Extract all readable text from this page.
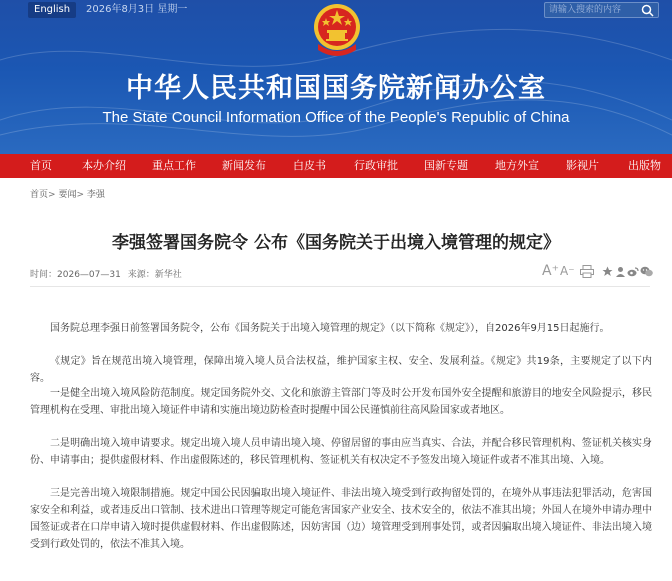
English	2026年8月3日 星期一
请输入搜索的内容
中华人民共和国国务院新闻办公室
The State Council Information Office of the People's Republic of China
首页	本办介绍 重点工作 新闻发布 白皮书	行政审批 国新专题 地方外宣 影视片	出版物
首页> 要闻> 李强
李强签署国务院令 公布《国务院关于出境入境管理的规定》
时间：2026—07—31 来源：新华社	A⁺ A⁻
国务院总理李强日前签署国务院令，公布《国务院关于出境入境管理的规定》（以下简称《规定》），自2026年9月15日起施行。
《规定》旨在规范出境入境管理，保障出境入境人员合法权益，维护国家主权、安全、发展利益。《规定》共19条，主要规定了以下内容。
一是健全出境入境风险防范制度。规定国务院外交、文化和旅游主管部门等及时公开发布国外安全提醒和旅游目的地安全风险提示，移民管理机构在受理、审批出境入境证件申请和实施出境边防检查时提醒中国公民谨慎前往高风险国家或者地区。
二是明确出境入境申请要求。规定出境入境人员申请出境入境、停留居留的事由应当真实、合法，并配合移民管理机构、签证机关核实身份、申请事由；提供虚假材料、作出虚假陈述的，移民管理机构、签证机关有权决定不予签发出境入境证件或者不准其出境、入境。
三是完善出境入境限制措施。规定中国公民因骗取出境入境证件、非法出境入境受到行政拘留处罚的，在境外从事违法犯罪活动，危害国家安全和利益，或者违反出口管制、技术进出口管理等规定可能危害国家产业安全、技术安全的，依法不准其出境；外国人在境外申请办理中国签证或者在口岸申请入境时提供虚假材料、作出虚假陈述，因妨害国（边）境管理受到刑事处罚，或者因骗取出境入境证件、非法出境入境受到行政处罚的，依法不准其入境。
